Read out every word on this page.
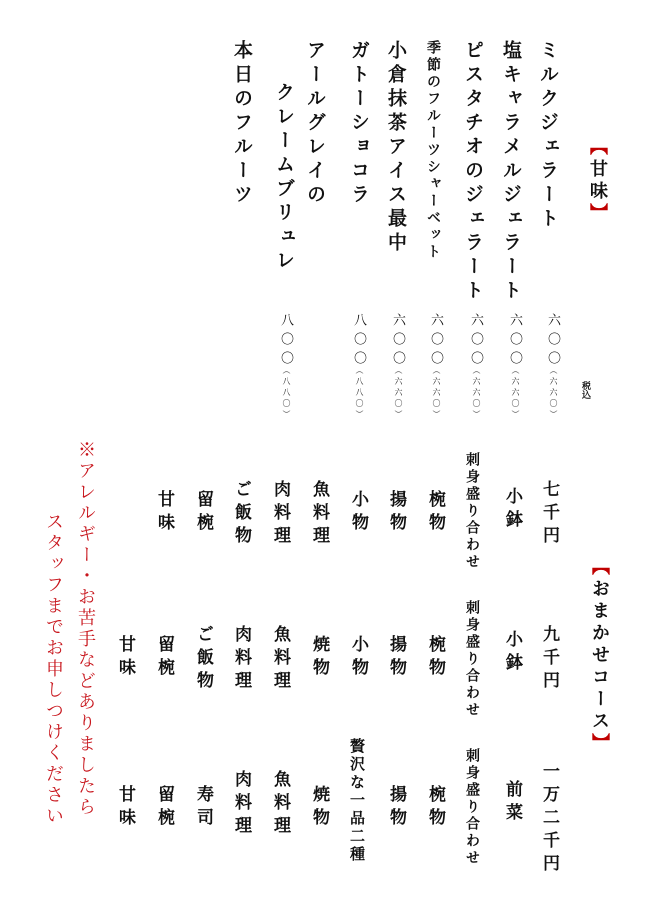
【甘味】
ミルクジェラート
塩キャラメルジェラート
ピスタチオのジェラート
季節のフルーツシャーベット
小倉抹茶アイス最中
ガトーショコラ
アールグレイの
クレームブリュレ
本日のフルーツ
六〇〇
六〇〇
六〇〇
六〇〇
六〇〇
八〇〇
八〇〇
（六六〇）
（六六〇）
（六六〇）
（六六〇）
（六六〇）
（八八〇）
（八八〇）	税込
【おまかせコース】
七千円
小鉢
刺身盛り合わせ
椀物
揚物
小物
魚料理
肉料理
ご飯物
留椀
甘味
九千円
小鉢
刺身盛り合わせ
椀物
揚物
小物
焼物
魚料理
肉料理
ご飯物
留椀
甘味
一万二千円
前菜
刺身盛り合わせ
椀物
揚物
贅沢な一品二種
焼物
魚料理
肉料理
寿司
留椀
甘味
※アレルギー・お苦手などありましたら
スタッフまでお申しつけください
